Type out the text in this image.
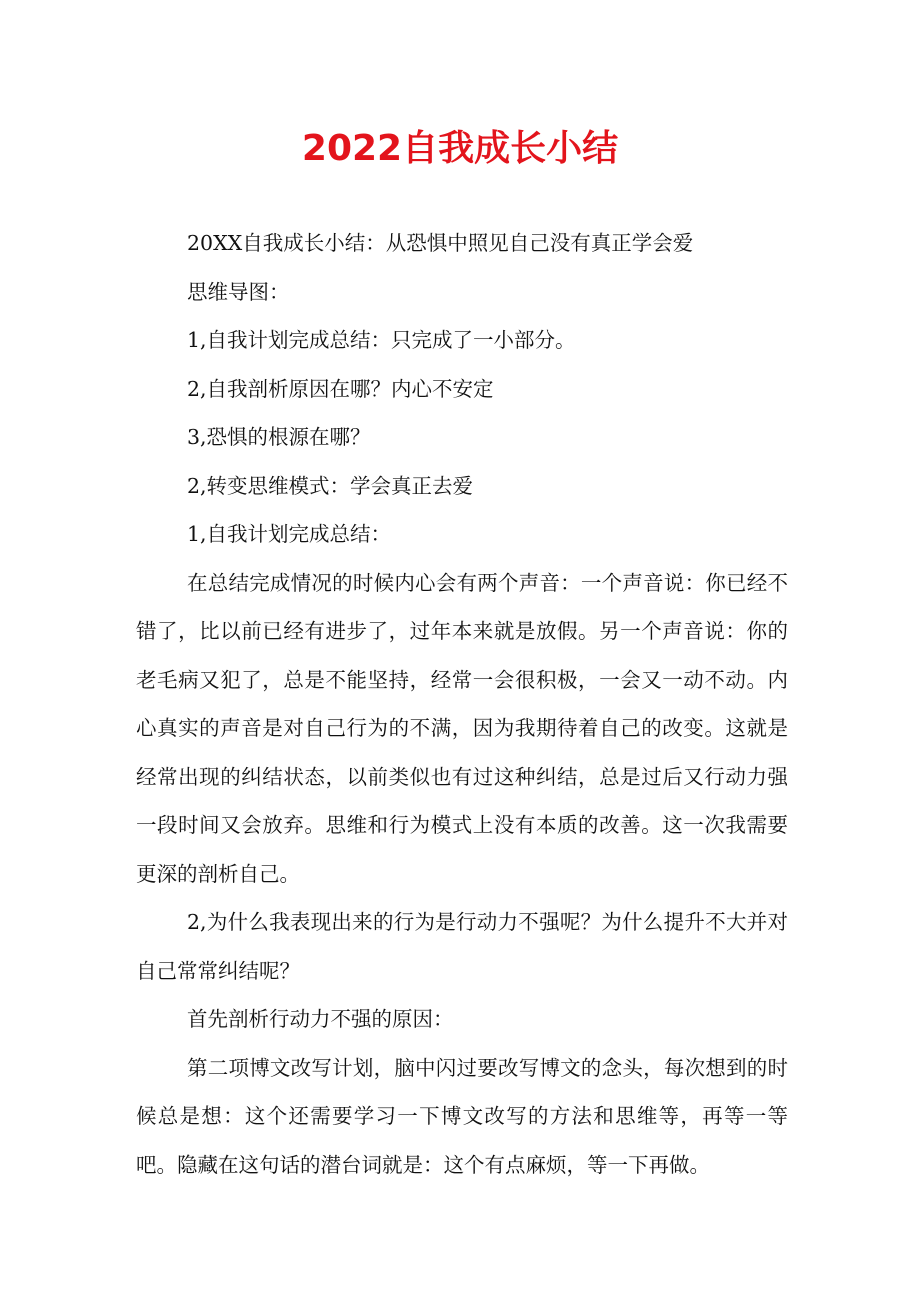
2022自我成长小结

20XX自我成长小结：从恐惧中照见自己没有真正学会爱

思维导图：

1,自我计划完成总结：只完成了一小部分。

2,自我剖析原因在哪？内心不安定

3,恐惧的根源在哪？

2,转变思维模式：学会真正去爱

1,自我计划完成总结：

在总结完成情况的时候内心会有两个声音：一个声音说：你已经不错了，比以前已经有进步了，过年本来就是放假。另一个声音说：你的老毛病又犯了，总是不能坚持，经常一会很积极，一会又一动不动。内心真实的声音是对自己行为的不满，因为我期待着自己的改变。这就是经常出现的纠结状态，以前类似也有过这种纠结，总是过后又行动力强一段时间又会放弃。思维和行为模式上没有本质的改善。这一次我需要更深的剖析自己。

2,为什么我表现出来的行为是行动力不强呢？为什么提升不大并对自己常常纠结呢？

首先剖析行动力不强的原因：

第二项博文改写计划，脑中闪过要改写博文的念头，每次想到的时候总是想：这个还需要学习一下博文改写的方法和思维等，再等一等吧。隐藏在这句话的潜台词就是：这个有点麻烦，等一下再做。
